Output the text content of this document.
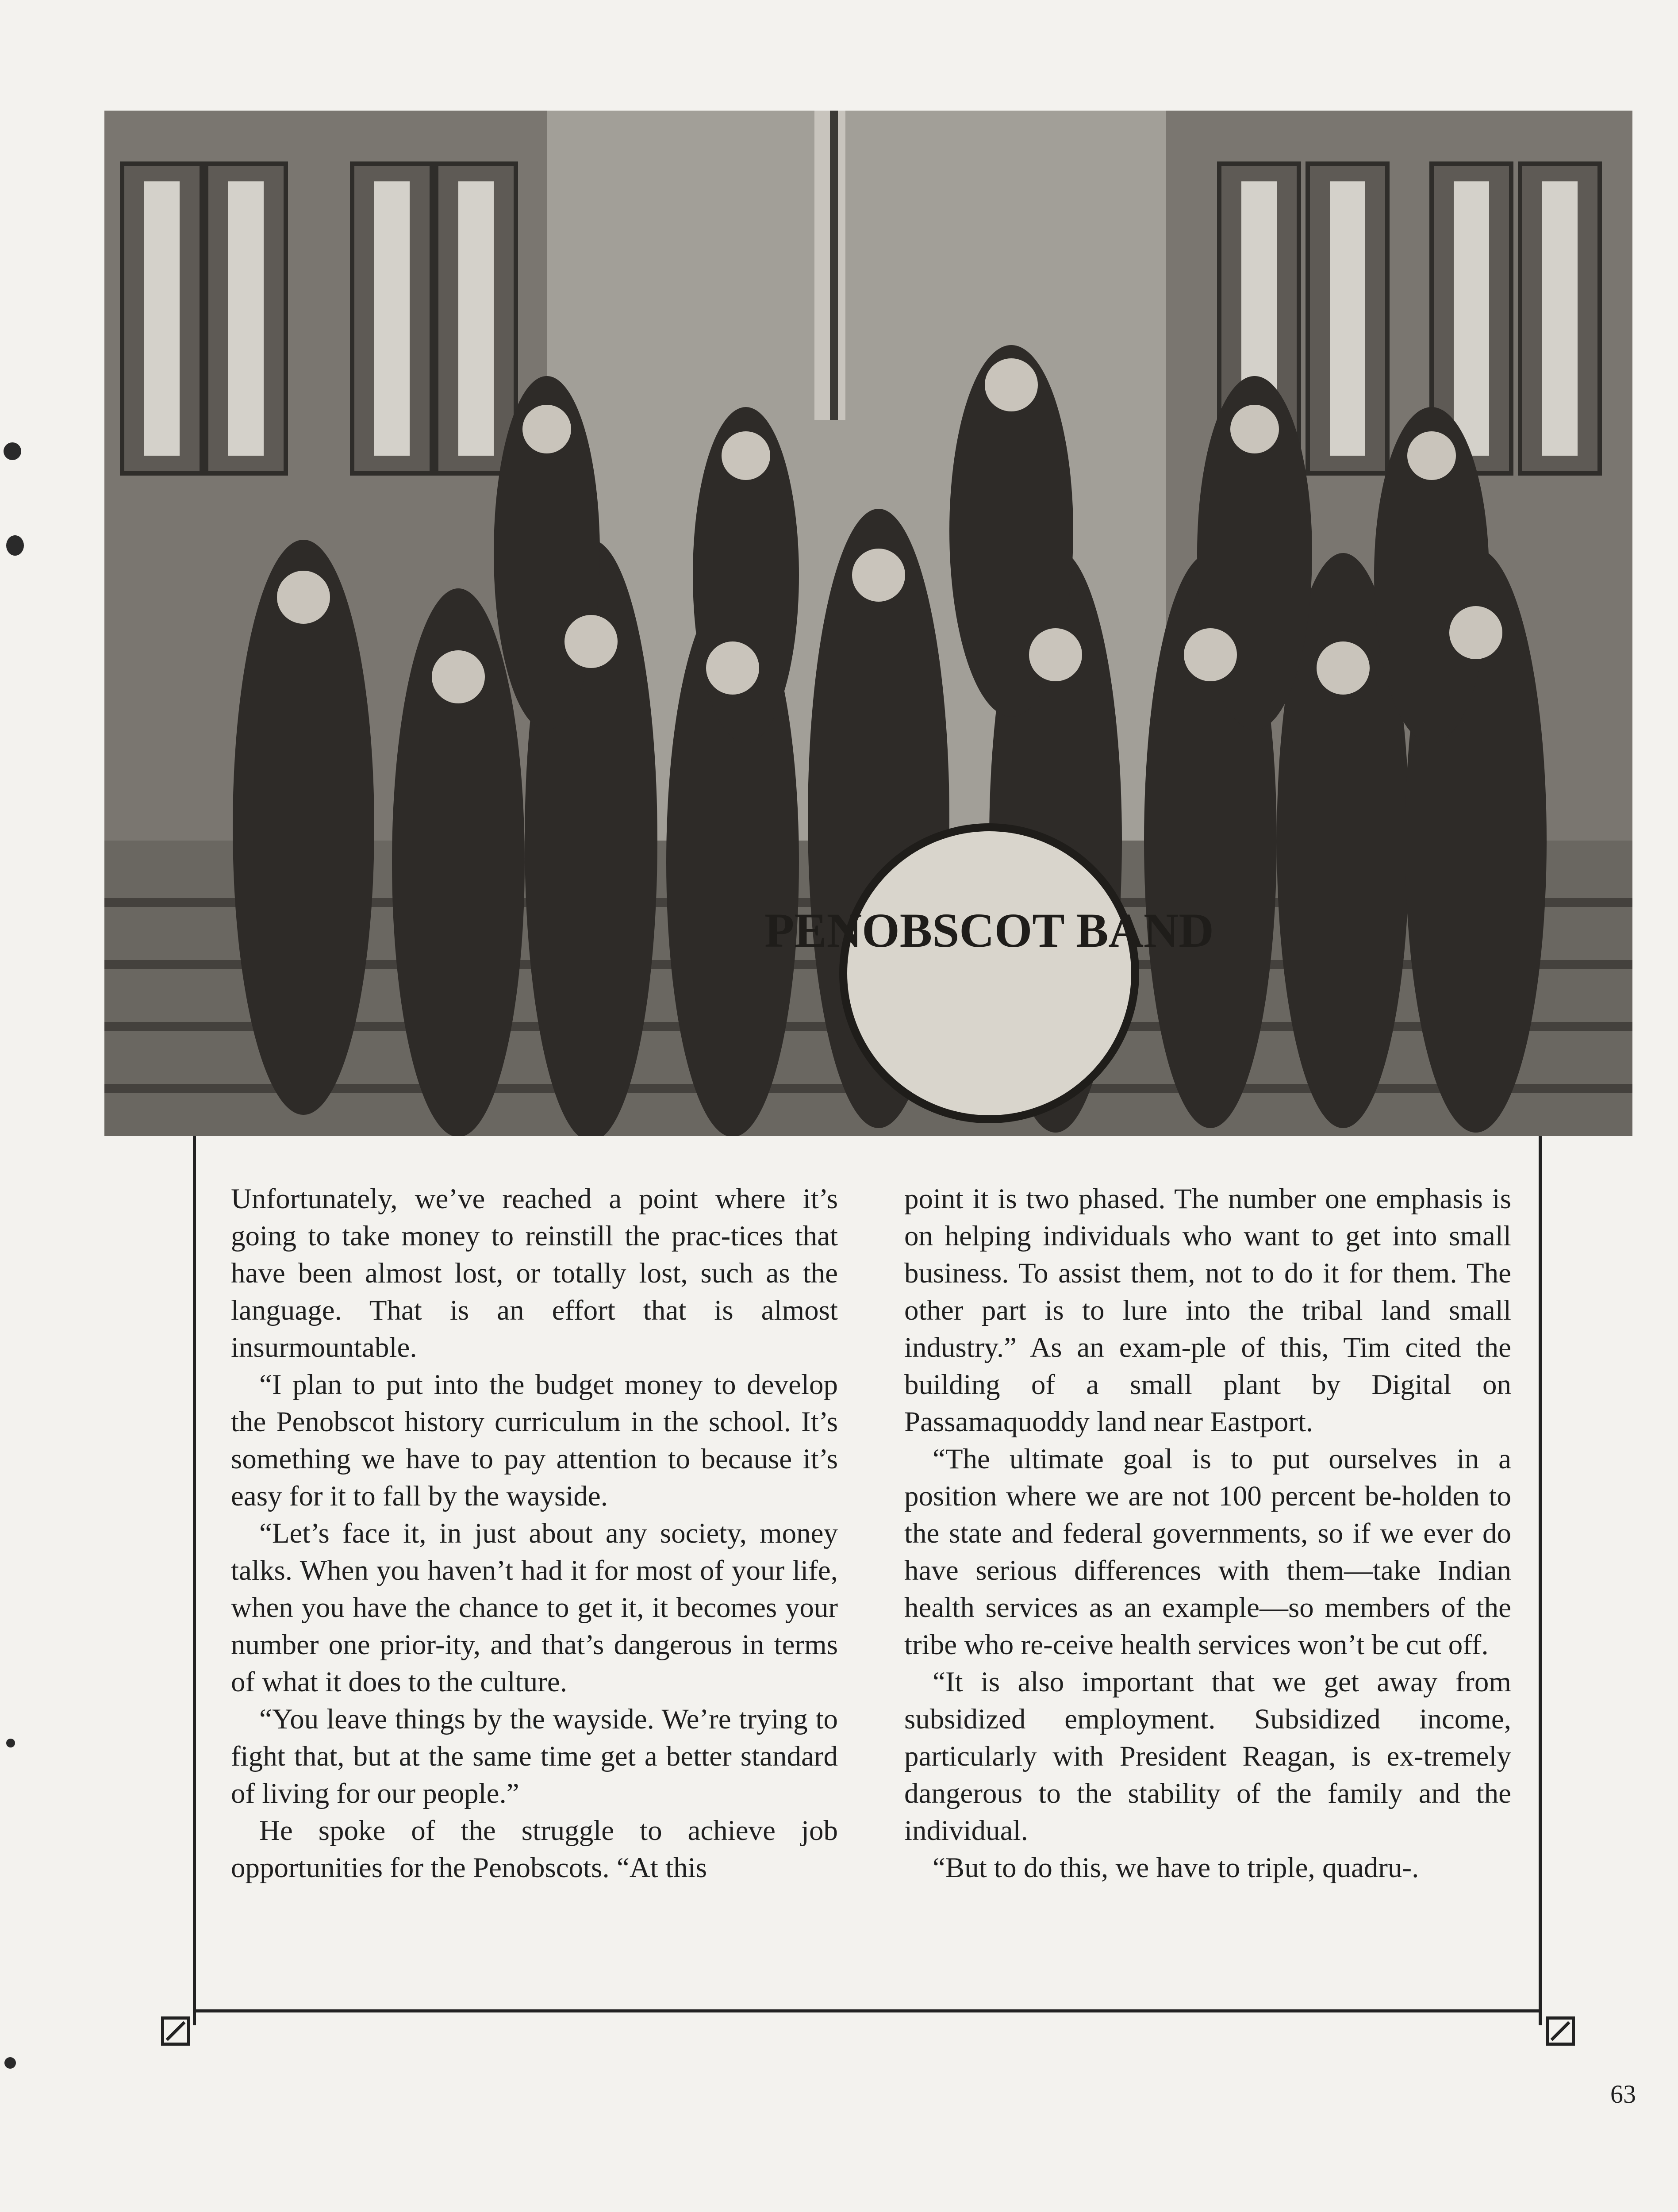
PENOBSCOT BAND

Unfortunately, we’ve reached a point where it’s going to take money to reinstill the prac-tices that have been almost lost, or totally lost, such as the language. That is an effort that is almost insurmountable.

“I plan to put into the budget money to develop the Penobscot history curriculum in the school. It’s something we have to pay attention to because it’s easy for it to fall by the wayside.

“Let’s face it, in just about any society, money talks. When you haven’t had it for most of your life, when you have the chance to get it, it becomes your number one prior-ity, and that’s dangerous in terms of what it does to the culture.

“You leave things by the wayside. We’re trying to fight that, but at the same time get a better standard of living for our people.”

He spoke of the struggle to achieve job opportunities for the Penobscots. “At this

point it is two phased. The number one emphasis is on helping individuals who want to get into small business. To assist them, not to do it for them. The other part is to lure into the tribal land small industry.” As an exam-ple of this, Tim cited the building of a small plant by Digital on Passamaquoddy land near Eastport.

“The ultimate goal is to put ourselves in a position where we are not 100 percent be-holden to the state and federal governments, so if we ever do have serious differences with them—take Indian health services as an example—so members of the tribe who re-ceive health services won’t be cut off.

“It is also important that we get away from subsidized employment. Subsidized income, particularly with President Reagan, is ex-tremely dangerous to the stability of the family and the individual.

“But to do this, we have to triple, quadru-.

63
